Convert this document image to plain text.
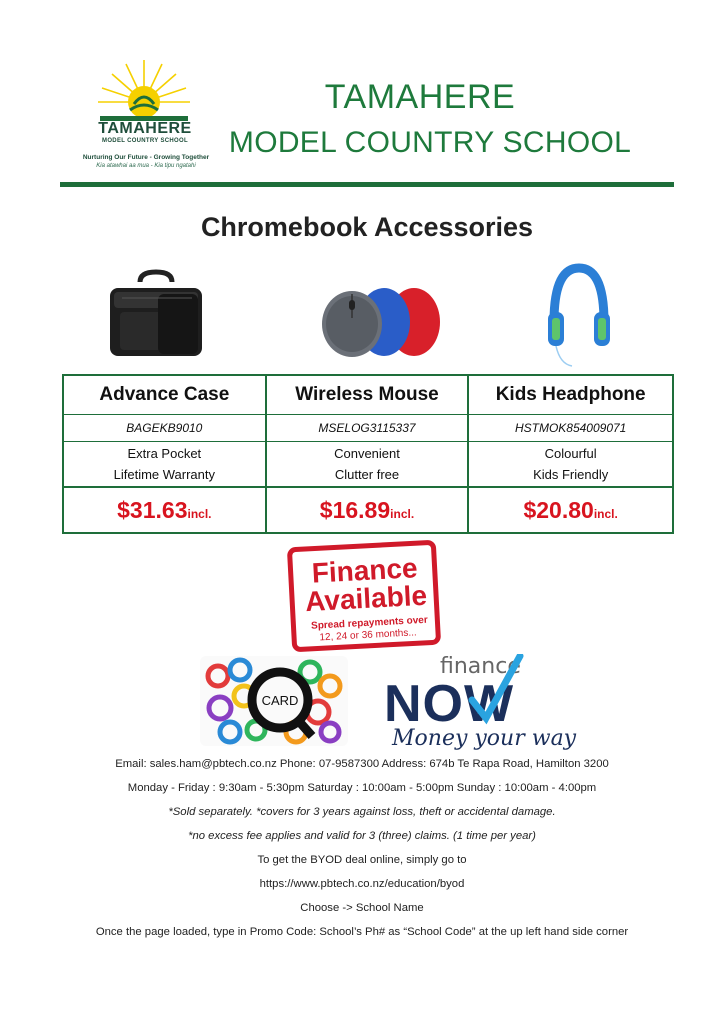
TAMAHERE
MODEL COUNTRY SCHOOL
Nurturing Our Future - Growing Together
Kia atawhai aa mua - Kia tipu ngatahi
TAMAHERE
MODEL COUNTRY SCHOOL
Chromebook Accessories
Advance Case
BAGEKB9010
Extra Pocket
Lifetime Warranty
$31.63 incl.
Wireless Mouse
MSELOG3115337
Convenient
Clutter free
$16.89 incl.
Kids Headphone
HSTMOK854009071
Colourful
Kids Friendly
$20.80 incl.
Finance
Available
Spread repayments over
12, 24 or 36 months...
CARD
finance
NOW
Money your way
Email: sales.ham@pbtech.co.nz Phone: 07-9587300 Address: 674b Te Rapa Road, Hamilton 3200
Monday - Friday : 9:30am - 5:30pm Saturday : 10:00am - 5:00pm Sunday : 10:00am - 4:00pm
*Sold separately. *covers for 3 years against loss, theft or accidental damage.
*no excess fee applies and valid for 3 (three) claims. (1 time per year)
To get the BYOD deal online, simply go to
https://www.pbtech.co.nz/education/byod
Choose -> School Name
Once the page loaded, type in Promo Code: School’s Ph# as “School Code” at the up left hand side corner
